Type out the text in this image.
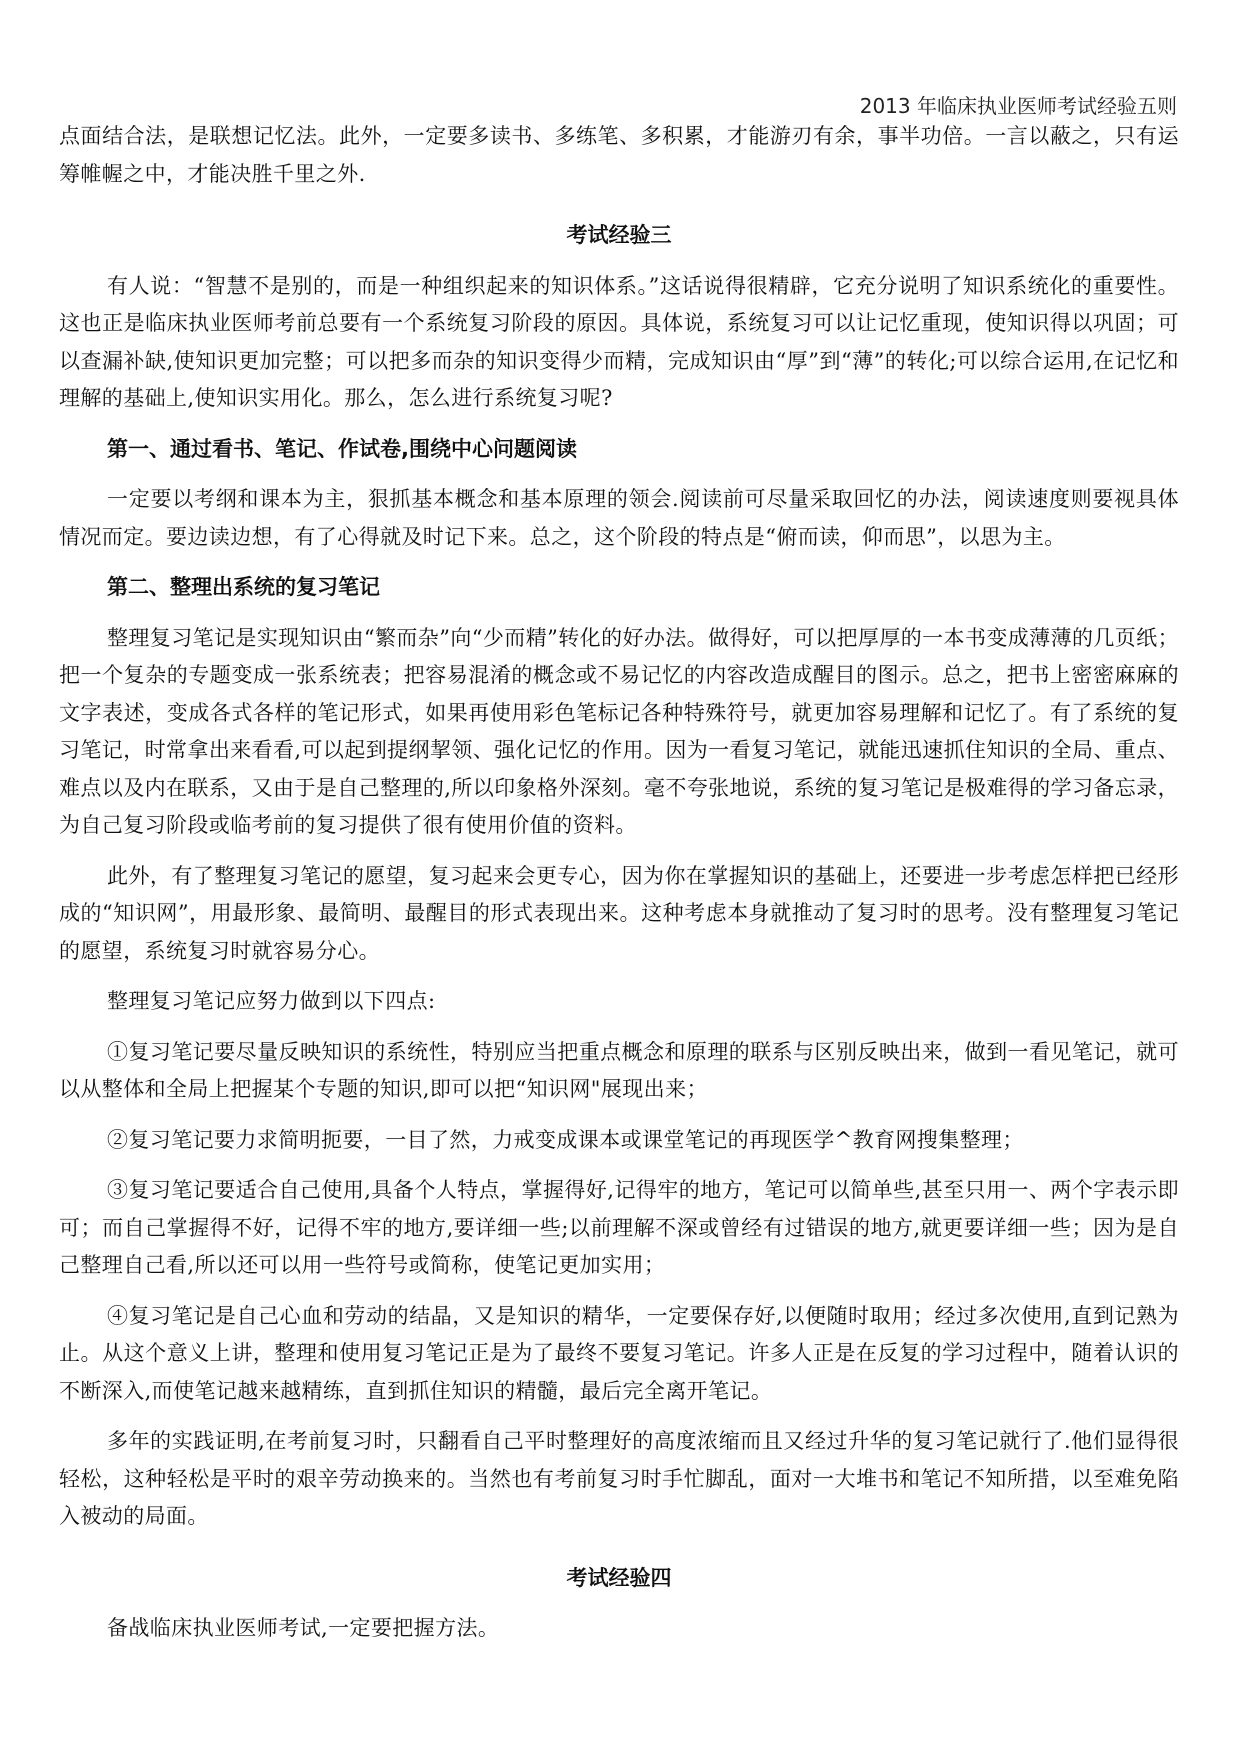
2013 年临床执业医师考试经验五则

点面结合法，是联想记忆法。此外，一定要多读书、多练笔、多积累，才能游刃有余，事半功倍。一言以蔽之，只有运筹帷幄之中，才能决胜千里之外.

考试经验三

有人说：“智慧不是别的，而是一种组织起来的知识体系。”这话说得很精辟，它充分说明了知识系统化的重要性。这也正是临床执业医师考前总要有一个系统复习阶段的原因。具体说，系统复习可以让记忆重现，使知识得以巩固；可以查漏补缺,使知识更加完整；可以把多而杂的知识变得少而精，完成知识由“厚”到“薄”的转化;可以综合运用,在记忆和理解的基础上,使知识实用化。那么，怎么进行系统复习呢?

第一、通过看书、笔记、作试卷,围绕中心问题阅读

一定要以考纲和课本为主，狠抓基本概念和基本原理的领会.阅读前可尽量采取回忆的办法，阅读速度则要视具体情况而定。要边读边想，有了心得就及时记下来。总之，这个阶段的特点是“俯而读，仰而思”，以思为主。

第二、整理出系统的复习笔记

整理复习笔记是实现知识由“繁而杂”向“少而精”转化的好办法。做得好，可以把厚厚的一本书变成薄薄的几页纸；把一个复杂的专题变成一张系统表；把容易混淆的概念或不易记忆的内容改造成醒目的图示。总之，把书上密密麻麻的文字表述，变成各式各样的笔记形式，如果再使用彩色笔标记各种特殊符号，就更加容易理解和记忆了。有了系统的复习笔记，时常拿出来看看,可以起到提纲挈领、强化记忆的作用。因为一看复习笔记，就能迅速抓住知识的全局、重点、难点以及内在联系，又由于是自己整理的,所以印象格外深刻。毫不夸张地说，系统的复习笔记是极难得的学习备忘录，为自己复习阶段或临考前的复习提供了很有使用价值的资料。

此外，有了整理复习笔记的愿望，复习起来会更专心，因为你在掌握知识的基础上，还要进一步考虑怎样把已经形成的“知识网”，用最形象、最简明、最醒目的形式表现出来。这种考虑本身就推动了复习时的思考。没有整理复习笔记的愿望，系统复习时就容易分心。

整理复习笔记应努力做到以下四点:

①复习笔记要尽量反映知识的系统性，特别应当把重点概念和原理的联系与区别反映出来，做到一看见笔记，就可以从整体和全局上把握某个专题的知识,即可以把“知识网"展现出来；

②复习笔记要力求简明扼要，一目了然，力戒变成课本或课堂笔记的再现医学^教育网搜集整理；

③复习笔记要适合自己使用,具备个人特点，掌握得好,记得牢的地方，笔记可以简单些,甚至只用一、两个字表示即可；而自己掌握得不好，记得不牢的地方,要详细一些;以前理解不深或曾经有过错误的地方,就更要详细一些；因为是自己整理自己看,所以还可以用一些符号或简称，使笔记更加实用；

④复习笔记是自己心血和劳动的结晶，又是知识的精华，一定要保存好,以便随时取用；经过多次使用,直到记熟为止。从这个意义上讲，整理和使用复习笔记正是为了最终不要复习笔记。许多人正是在反复的学习过程中，随着认识的不断深入,而使笔记越来越精练，直到抓住知识的精髓，最后完全离开笔记。

多年的实践证明,在考前复习时，只翻看自己平时整理好的高度浓缩而且又经过升华的复习笔记就行了.他们显得很轻松，这种轻松是平时的艰辛劳动换来的。当然也有考前复习时手忙脚乱，面对一大堆书和笔记不知所措，以至难免陷入被动的局面。

考试经验四

备战临床执业医师考试,一定要把握方法。
